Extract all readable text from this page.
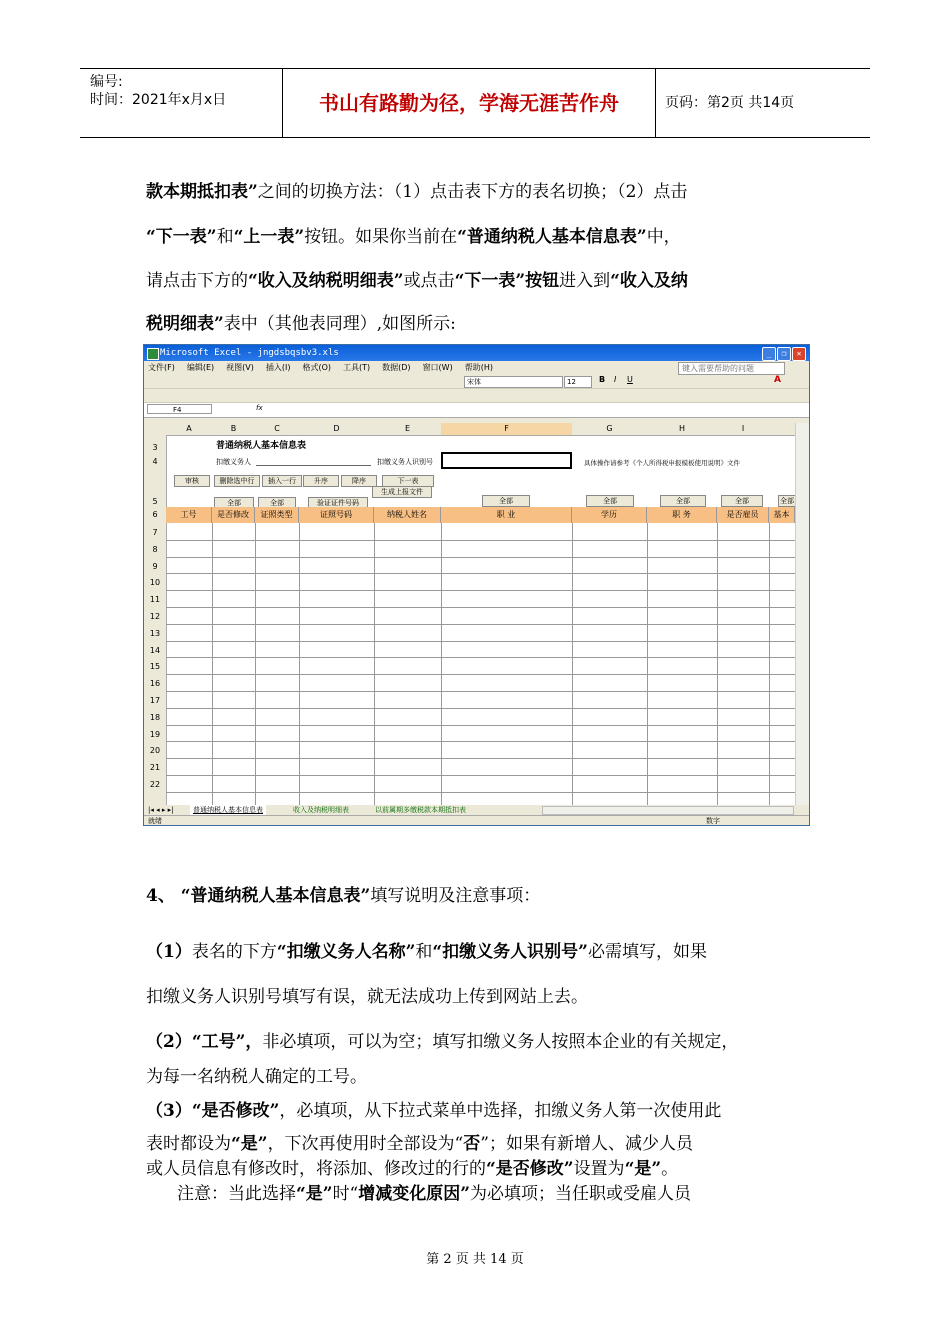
编号:
时间：2021年x月x日	书山有路勤为径，学海无涯苦作舟	页码：第2页 共14页
款本期抵扣表”之间的切换方法：（1）点击表下方的表名切换；（2）点击
“下一表”和“上一表”按钮。如果你当前在“普通纳税人基本信息表”中，
请点击下方的“收入及纳税明细表”或点击“下一表”按钮进入到“收入及纳
税明细表”表中（其他表同理）,如图所示:
Microsoft Excel - jngdsbqsbv3.xls	_	❐	✕
文件(F) 编辑(E) 视图(V) 插入(I) 格式(O) 工具(T) 数据(D) 窗口(W) 帮助(H)	键入需要帮助的问题
宋体	12	B I U	A
F4	fx
A	B	C	D	E	F	G	H	I
3
4
5
6
7
8
9
10
11
12
13
14
15
16
17
18
19
20
21
22
普通纳税人基本信息表
扣缴义务人	扣缴义务人识别号	具体操作请参考《个人所得税申报模板使用说明》文件
审核	删除选中行	插入一行	升序	降序	下一表
生成上报文件
全部	全部	验证证件号码	全部	全部	全部	全部	全部
工号	是否修改	证照类型	证照号码	纳税人姓名	职 业	学历	职 务	是否雇员	基本
|◂ ◂ ▸ ▸|	普通纳税人基本信息表	收入及纳税明细表	以前属期多缴税款本期抵扣表
就绪	数字
4、 “普通纳税人基本信息表”填写说明及注意事项：
（1）表名的下方“扣缴义务人名称”和“扣缴义务人识别号”必需填写，如果
扣缴义务人识别号填写有误，就无法成功上传到网站上去。
（2）“工号”，非必填项，可以为空；填写扣缴义务人按照本企业的有关规定，
为每一名纳税人确定的工号。
（3）“是否修改”，必填项，从下拉式菜单中选择，扣缴义务人第一次使用此
表时都设为“是”，下次再使用时全部设为“否”；如果有新增人、减少人员
或人员信息有修改时，将添加、修改过的行的“是否修改”设置为“是”。
注意：当此选择“是”时“增减变化原因”为必填项；当任职或受雇人员
第 2 页 共 14 页
